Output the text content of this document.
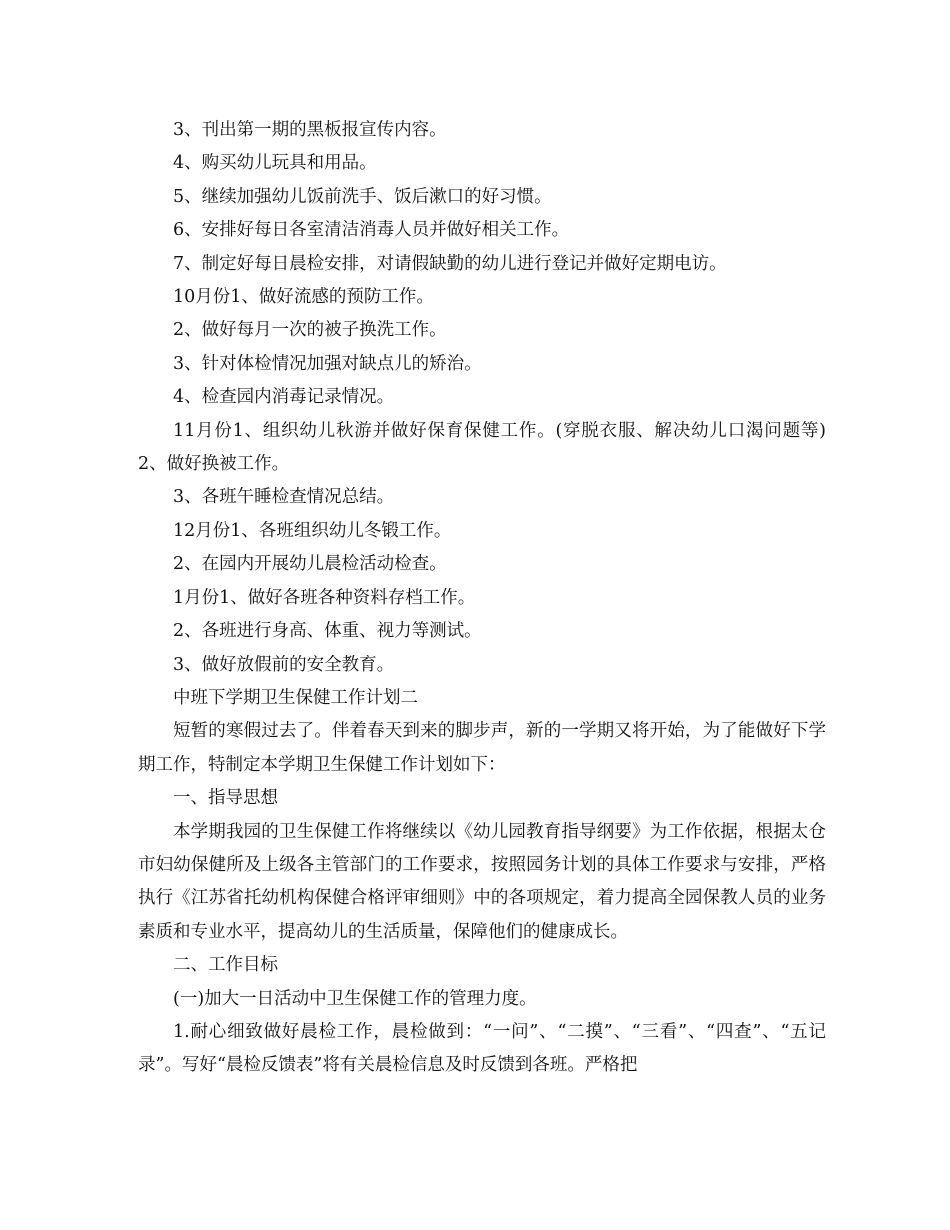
3、刊出第一期的黑板报宣传内容。

4、购买幼儿玩具和用品。

5、继续加强幼儿饭前洗手、饭后漱口的好习惯。

6、安排好每日各室清洁消毒人员并做好相关工作。

7、制定好每日晨检安排，对请假缺勤的幼儿进行登记并做好定期电访。

10月份1、做好流感的预防工作。

2、做好每月一次的被子换洗工作。

3、针对体检情况加强对缺点儿的矫治。

4、检查园内消毒记录情况。

11月份1、组织幼儿秋游并做好保育保健工作。(穿脱衣服、解决幼儿口渴问题等)2、做好换被工作。

3、各班午睡检查情况总结。

12月份1、各班组织幼儿冬锻工作。

2、在园内开展幼儿晨检活动检查。

1月份1、做好各班各种资料存档工作。

2、各班进行身高、体重、视力等测试。

3、做好放假前的安全教育。

中班下学期卫生保健工作计划二

短暂的寒假过去了。伴着春天到来的脚步声，新的一学期又将开始，为了能做好下学期工作，特制定本学期卫生保健工作计划如下：

一、指导思想

本学期我园的卫生保健工作将继续以《幼儿园教育指导纲要》为工作依据，根据太仓市妇幼保健所及上级各主管部门的工作要求，按照园务计划的具体工作要求与安排，严格执行《江苏省托幼机构保健合格评审细则》中的各项规定，着力提高全园保教人员的业务素质和专业水平，提高幼儿的生活质量，保障他们的健康成长。

二、工作目标

(一)加大一日活动中卫生保健工作的管理力度。

1.耐心细致做好晨检工作，晨检做到：“一问”、“二摸”、“三看”、“四查”、“五记录”。写好“晨检反馈表”将有关晨检信息及时反馈到各班。严格把
